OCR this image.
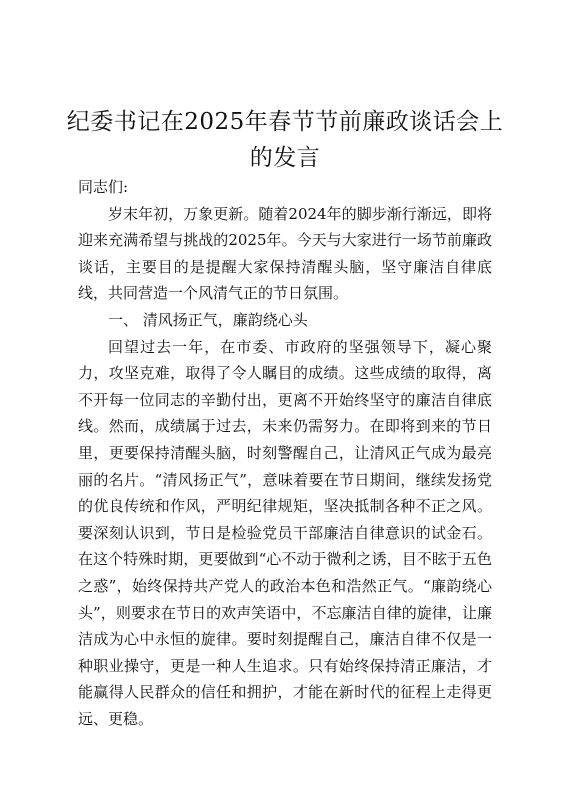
纪委书记在2025年春节节前廉政谈话会上的发言

同志们:

岁末年初，万象更新。随着2024年的脚步渐行渐远，即将迎来充满希望与挑战的2025年。今天与大家进行一场节前廉政谈话，主要目的是提醒大家保持清醒头脑，坚守廉洁自律底线，共同营造一个风清气正的节日氛围。

一、 清风扬正气，廉韵绕心头

回望过去一年，在市委、市政府的坚强领导下，凝心聚力，攻坚克难，取得了令人瞩目的成绩。这些成绩的取得，离不开每一位同志的辛勤付出，更离不开始终坚守的廉洁自律底线。然而，成绩属于过去，未来仍需努力。在即将到来的节日里，更要保持清醒头脑，时刻警醒自己，让清风正气成为最亮丽的名片。“清风扬正气”，意味着要在节日期间，继续发扬党的优良传统和作风，严明纪律规矩，坚决抵制各种不正之风。要深刻认识到，节日是检验党员干部廉洁自律意识的试金石。在这个特殊时期，更要做到“心不动于微利之诱，目不眩于五色之惑”，始终保持共产党人的政治本色和浩然正气。“廉韵绕心头”，则要求在节日的欢声笑语中，不忘廉洁自律的旋律，让廉洁成为心中永恒的旋律。要时刻提醒自己，廉洁自律不仅是一种职业操守，更是一种人生追求。只有始终保持清正廉洁，才能赢得人民群众的信任和拥护，才能在新时代的征程上走得更远、更稳。
